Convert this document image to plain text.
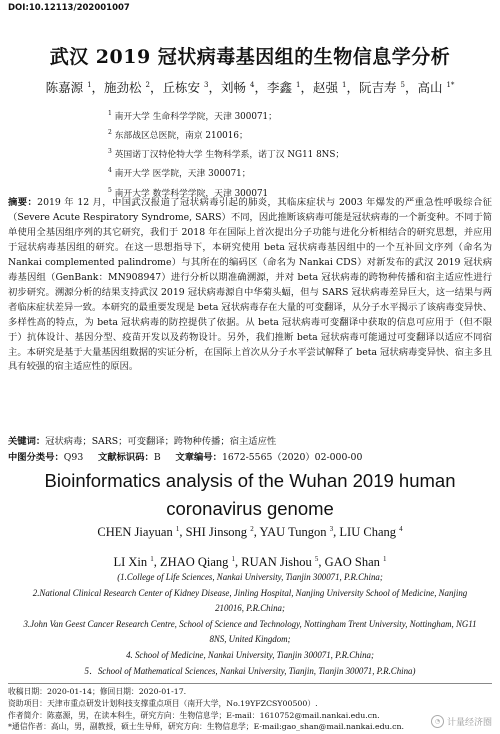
DOI:10.12113/202001007
武汉 2019 冠状病毒基因组的生物信息学分析
陈嘉源 $^1$，施劲松 $^2$，丘栋安 $^3$，刘畅 $^4$，李鑫 $^1$，赵强 $^1$，阮吉寿 $^5$，高山 $^{1*}$
$^1$ 南开大学 生命科学学院，天津 300071；
$^2$ 东部战区总医院，南京 210016；
$^3$ 英国诺丁汉特伦特大学 生物科学系，诺丁汉 NG11 8NS；
$^4$ 南开大学 医学院，天津 300071；
$^5$ 南开大学 数学科学学院，天津 300071
摘要：2019 年 12 月，中国武汉报道了冠状病毒引起的肺炎，其临床症状与 2003 年爆发的严重急性呼吸综合征（Severe Acute Respiratory Syndrome, SARS）不同，因此推断该病毒可能是冠状病毒的一个新变种。不同于简单使用全基因组序列的其它研究，我们于 2018 年在国际上首次提出分子功能与进化分析相结合的研究思想，并应用于冠状病毒基因组的研究。在这一思想指导下，本研究使用 beta 冠状病毒基因组中的一个互补回文序列（命名为 Nankai complemented palindrome）与其所在的编码区（命名为 Nankai CDS）对新发布的武汉 2019 冠状病毒基因组（GenBank：MN908947）进行分析以期准确溯源，并对 beta 冠状病毒的跨物种传播和宿主适应性进行初步研究。溯源分析的结果支持武汉 2019 冠状病毒源自中华菊头蝠，但与 SARS 冠状病毒差异巨大，这一结果与两者临床症状差异一致。本研究的最重要发现是 beta 冠状病毒存在大量的可变翻译，从分子水平揭示了该病毒变异快、多样性高的特点，为 beta 冠状病毒的防控提供了依据。从 beta 冠状病毒可变翻译中获取的信息可应用于（但不限于）抗体设计、基因分型、疫苗开发以及药物设计。另外，我们推断 beta 冠状病毒可能通过可变翻译以适应不同宿主。本研究是基于大量基因组数据的实证分析，在国际上首次从分子水平尝试解释了 beta 冠状病毒变异快、宿主多且具有较强的宿主适应性的原因。
关键词：冠状病毒；SARS；可变翻译；跨物种传播；宿主适应性
中图分类号：Q93 文献标识码：B 文章编号：1672-5565（2020）02-000-00
Bioinformatics analysis of the Wuhan 2019 human
coronavirus genome
CHEN Jiayuan $^1$, SHI Jinsong $^2$, YAU Tungon $^3$, LIU Chang $^4$
LI Xin $^1$, ZHAO Qiang $^1$, RUAN Jishou $^5$, GAO Shan $^1$
(1.College of Life Sciences, Nankai University, Tianjin 300071, P.R.China;
2.National Clinical Research Center of Kidney Disease, Jinling Hospital, Nanjing University School of Medicine, Nanjing 210016, P.R.China;
3.John Van Geest Cancer Research Centre, School of Science and Technology, Nottingham Trent University, Nottingham, NG11 8NS, United Kingdom;
4. School of Medicine, Nankai University, Tianjin 300071, P.R.China;
5．School of Mathematical Sciences, Nankai University, Tianjin, Tianjin 300071, P.R.China)
收稿日期：2020-01-14；修回日期：2020-01-17.
资助项目：天津市重点研发计划科技支撑重点项目（南开大学，No.19YFZCSY00500）.
作者简介：陈嘉源，男，在读本科生，研究方向：生物信息学；E-mail：1610752@mail.nankai.edu.cn.
*通信作者：高山，男，副教授，硕士生导师，研究方向：生物信息学；E-mail:gao_shan@mail.nankai.edu.cn.
◔ 计量经济圈
